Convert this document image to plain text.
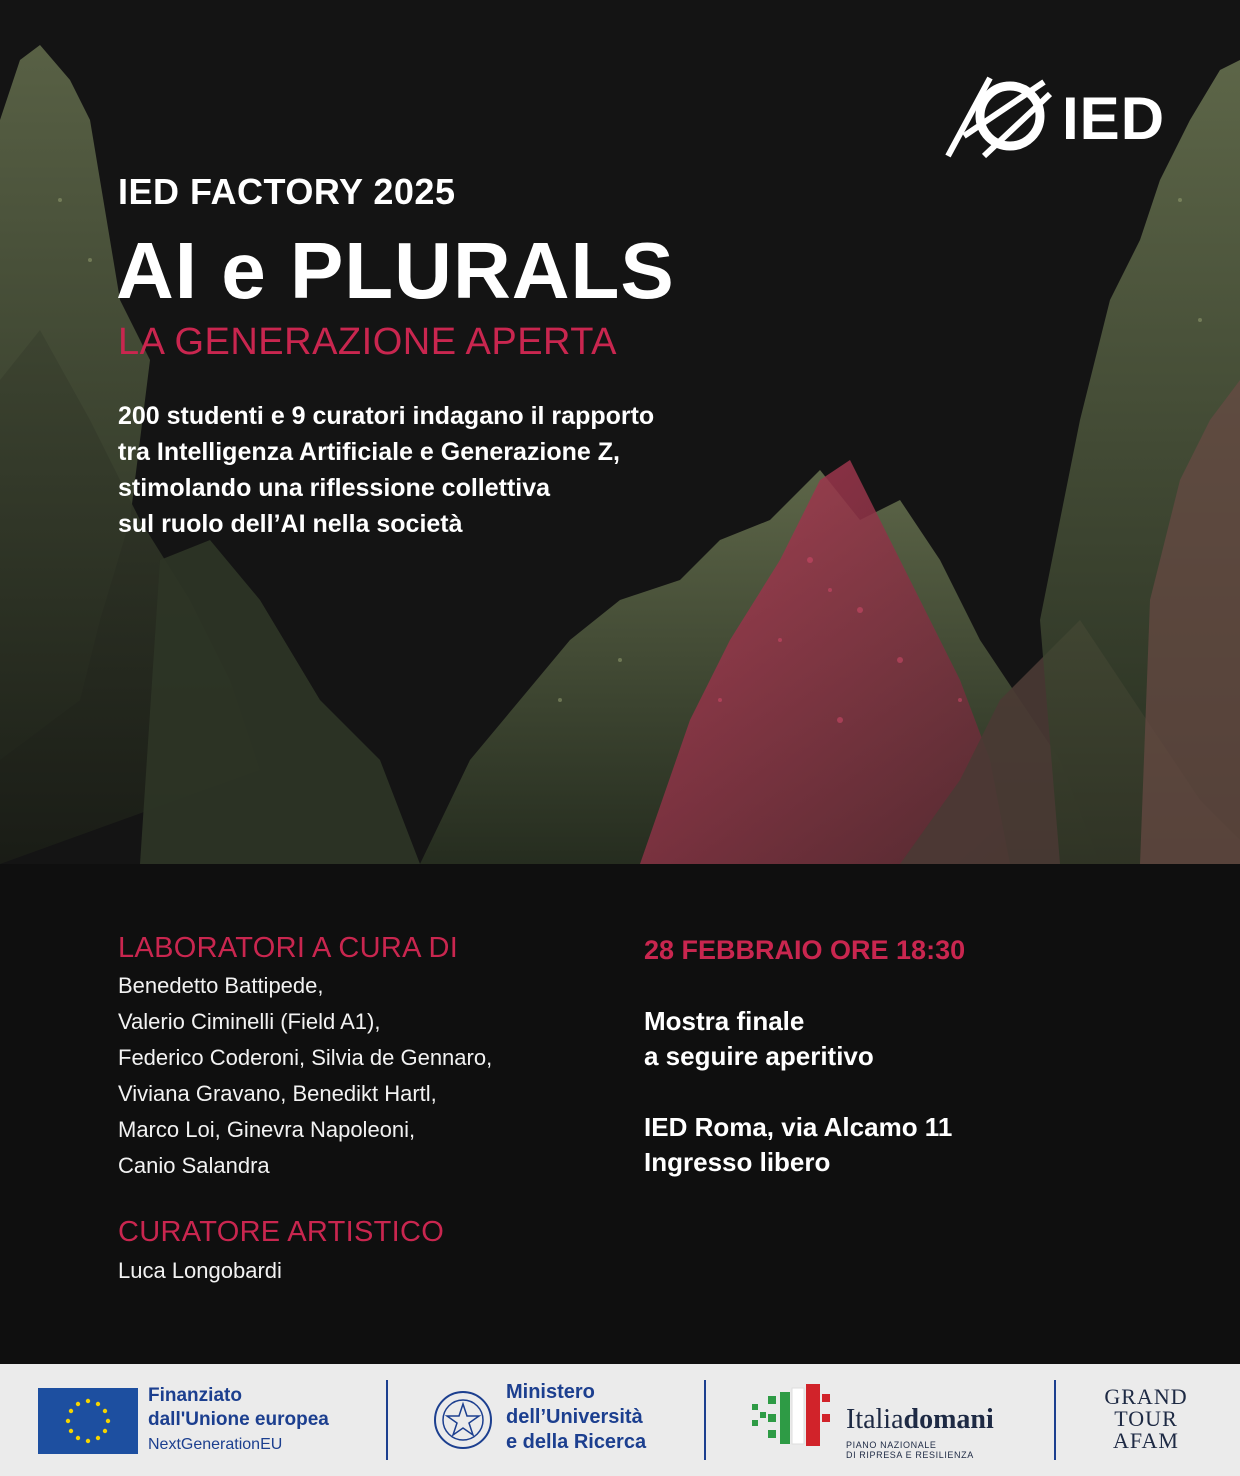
IED
IED FACTORY 2025
AI e PLURALS
LA GENERAZIONE APERTA
200 studenti e 9 curatori indagano il rapporto
tra Intelligenza Artificiale e Generazione Z,
stimolando una riflessione collettiva
sul ruolo dell’AI nella società
LABORATORI A CURA DI
Benedetto Battipede,
Valerio Ciminelli (Field A1),
Federico Coderoni, Silvia de Gennaro,
Viviana Gravano, Benedikt Hartl,
Marco Loi, Ginevra Napoleoni,
Canio Salandra
CURATORE ARTISTICO
Luca Longobardi
28 FEBBRAIO ORE 18:30
Mostra finale
a seguire aperitivo
IED Roma, via Alcamo 11
Ingresso libero
Finanziato
dall'Unione europea
NextGenerationEU
Ministero
dell’Università
e della Ricerca
Italiadomani
PIANO NAZIONALE
DI RIPRESA E RESILIENZA
GRAND
TOUR
AFAM
